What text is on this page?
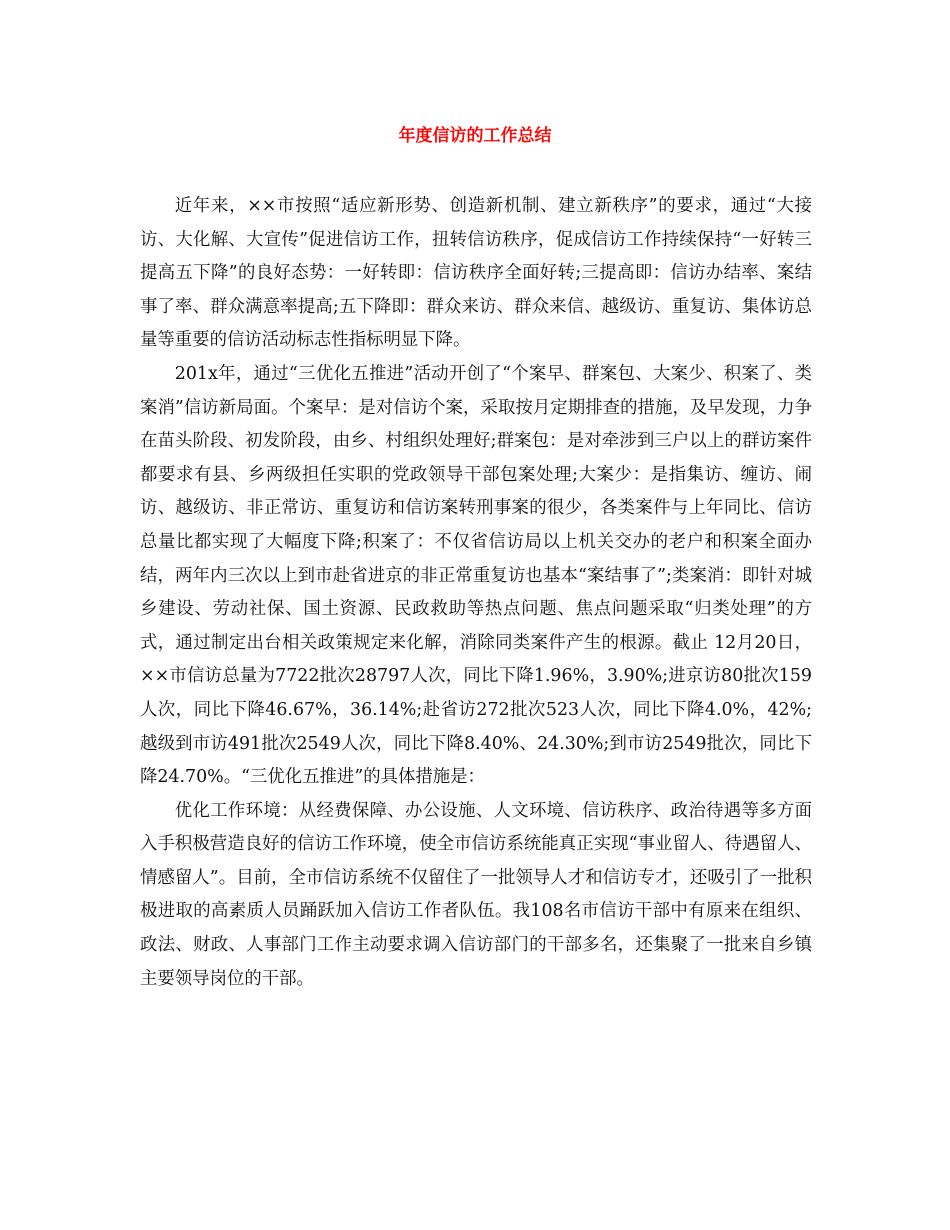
年度信访的工作总结

近年来，××市按照“适应新形势、创造新机制、建立新秩序”的要求，通过“大接访、大化解、大宣传”促进信访工作，扭转信访秩序，促成信访工作持续保持“一好转三提高五下降”的良好态势：一好转即：信访秩序全面好转;三提高即：信访办结率、案结事了率、群众满意率提高;五下降即：群众来访、群众来信、越级访、重复访、集体访总量等重要的信访活动标志性指标明显下降。

201x年，通过“三优化五推进”活动开创了“个案早、群案包、大案少、积案了、类案消”信访新局面。个案早：是对信访个案，采取按月定期排查的措施，及早发现，力争在苗头阶段、初发阶段，由乡、村组织处理好;群案包：是对牵涉到三户以上的群访案件都要求有县、乡两级担任实职的党政领导干部包案处理;大案少：是指集访、缠访、闹访、越级访、非正常访、重复访和信访案转刑事案的很少，各类案件与上年同比、信访总量比都实现了大幅度下降;积案了：不仅省信访局以上机关交办的老户和积案全面办结，两年内三次以上到市赴省进京的非正常重复访也基本“案结事了”;类案消：即针对城乡建设、劳动社保、国土资源、民政救助等热点问题、焦点问题采取“归类处理”的方式，通过制定出台相关政策规定来化解，消除同类案件产生的根源。截止 12月20日，××市信访总量为7722批次28797人次，同比下降1.96%，3.90%;进京访80批次159人次，同比下降46.67%，36.14%;赴省访272批次523人次，同比下降4.0%，42%;越级到市访491批次2549人次，同比下降8.40%、24.30%;到市访2549批次，同比下降24.70%。“三优化五推进”的具体措施是：

优化工作环境：从经费保障、办公设施、人文环境、信访秩序、政治待遇等多方面入手积极营造良好的信访工作环境，使全市信访系统能真正实现“事业留人、待遇留人、情感留人”。目前，全市信访系统不仅留住了一批领导人才和信访专才，还吸引了一批积极进取的高素质人员踊跃加入信访工作者队伍。我108名市信访干部中有原来在组织、政法、财政、人事部门工作主动要求调入信访部门的干部多名，还集聚了一批来自乡镇主要领导岗位的干部。
